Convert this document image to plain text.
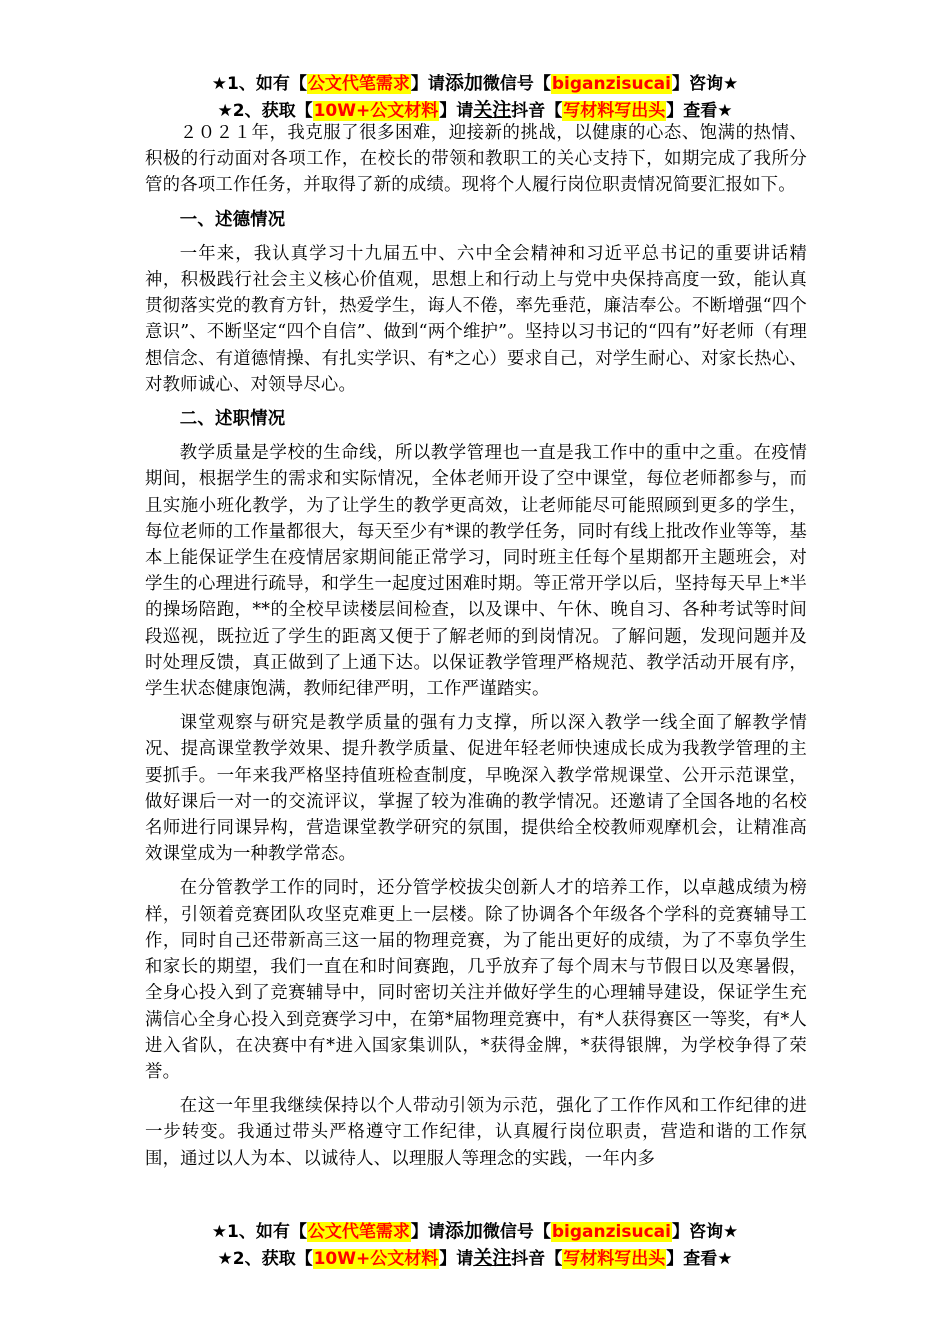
★1、如有【公文代笔需求】请添加微信号【biganzisucai】咨询★
★2、获取【10W+公文材料】请关注抖音【写材料写出头】查看★

２０２１年，我克服了很多困难，迎接新的挑战，以健康的心态、饱满的热情、积极的行动面对各项工作，在校长的带领和教职工的关心支持下，如期完成了我所分管的各项工作任务，并取得了新的成绩。现将个人履行岗位职责情况简要汇报如下。

一、述德情况

一年来，我认真学习十九届五中、六中全会精神和习近平总书记的重要讲话精神，积极践行社会主义核心价值观，思想上和行动上与党中央保持高度一致，能认真贯彻落实党的教育方针，热爱学生，诲人不倦，率先垂范，廉洁奉公。不断增强“四个意识”、不断坚定“四个自信”、做到“两个维护”。坚持以习书记的“四有”好老师（有理想信念、有道德情操、有扎实学识、有*之心）要求自己，对学生耐心、对家长热心、对教师诚心、对领导尽心。

二、述职情况

教学质量是学校的生命线，所以教学管理也一直是我工作中的重中之重。在疫情期间，根据学生的需求和实际情况，全体老师开设了空中课堂，每位老师都参与，而且实施小班化教学，为了让学生的教学更高效，让老师能尽可能照顾到更多的学生，每位老师的工作量都很大，每天至少有*课的教学任务，同时有线上批改作业等等，基本上能保证学生在疫情居家期间能正常学习，同时班主任每个星期都开主题班会，对学生的心理进行疏导，和学生一起度过困难时期。等正常开学以后，坚持每天早上*半的操场陪跑，**的全校早读楼层间检查，以及课中、午休、晚自习、各种考试等时间段巡视，既拉近了学生的距离又便于了解老师的到岗情况。了解问题，发现问题并及时处理反馈，真正做到了上通下达。以保证教学管理严格规范、教学活动开展有序，学生状态健康饱满，教师纪律严明，工作严谨踏实。

课堂观察与研究是教学质量的强有力支撑，所以深入教学一线全面了解教学情况、提高课堂教学效果、提升教学质量、促进年轻老师快速成长成为我教学管理的主要抓手。一年来我严格坚持值班检查制度，早晚深入教学常规课堂、公开示范课堂，做好课后一对一的交流评议，掌握了较为准确的教学情况。还邀请了全国各地的名校名师进行同课异构，营造课堂教学研究的氛围，提供给全校教师观摩机会，让精准高效课堂成为一种教学常态。

在分管教学工作的同时，还分管学校拔尖创新人才的培养工作，以卓越成绩为榜样，引领着竞赛团队攻坚克难更上一层楼。除了协调各个年级各个学科的竞赛辅导工作，同时自己还带新高三这一届的物理竞赛，为了能出更好的成绩，为了不辜负学生和家长的期望，我们一直在和时间赛跑，几乎放弃了每个周末与节假日以及寒暑假，全身心投入到了竞赛辅导中，同时密切关注并做好学生的心理辅导建设，保证学生充满信心全身心投入到竞赛学习中，在第*届物理竞赛中，有*人获得赛区一等奖，有*人进入省队，在决赛中有*进入国家集训队，*获得金牌，*获得银牌，为学校争得了荣誉。

在这一年里我继续保持以个人带动引领为示范，强化了工作作风和工作纪律的进一步转变。我通过带头严格遵守工作纪律，认真履行岗位职责，营造和谐的工作氛围，通过以人为本、以诚待人、以理服人等理念的实践，一年内多

★1、如有【公文代笔需求】请添加微信号【biganzisucai】咨询★
★2、获取【10W+公文材料】请关注抖音【写材料写出头】查看★
